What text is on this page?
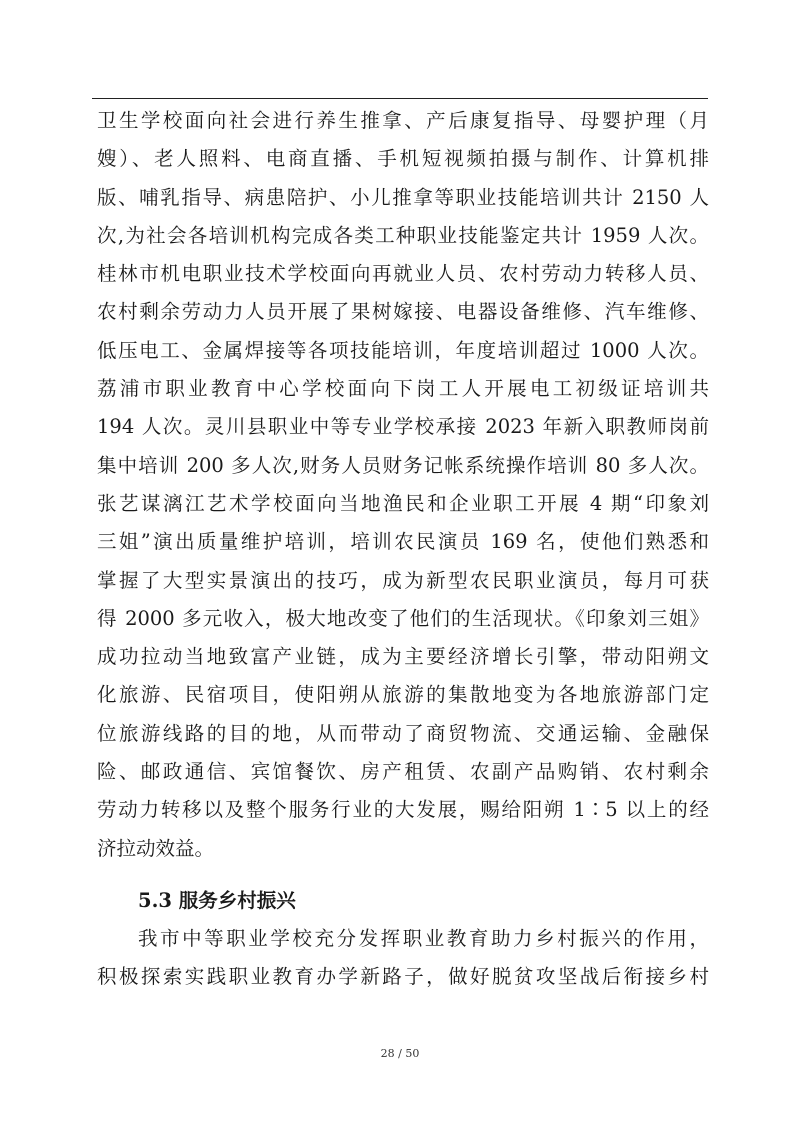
卫生学校面向社会进行养生推拿、产后康复指导、母婴护理（月
嫂）、老人照料、电商直播、手机短视频拍摄与制作、计算机排
版、哺乳指导、病患陪护、小儿推拿等职业技能培训共计 2150 人
次,为社会各培训机构完成各类工种职业技能鉴定共计 1959 人次。
桂林市机电职业技术学校面向再就业人员、农村劳动力转移人员、
农村剩余劳动力人员开展了果树嫁接、电器设备维修、汽车维修、
低压电工、金属焊接等各项技能培训，年度培训超过 1000 人次。
荔浦市职业教育中心学校面向下岗工人开展电工初级证培训共
194 人次。灵川县职业中等专业学校承接 2023 年新入职教师岗前
集中培训 200 多人次,财务人员财务记帐系统操作培训 80 多人次。
张艺谋漓江艺术学校面向当地渔民和企业职工开展 4 期“印象刘
三姐”演出质量维护培训，培训农民演员 169 名，使他们熟悉和
掌握了大型实景演出的技巧，成为新型农民职业演员，每月可获
得 2000 多元收入，极大地改变了他们的生活现状。《印象刘三姐》
成功拉动当地致富产业链，成为主要经济增长引擎，带动阳朔文
化旅游、民宿项目，使阳朔从旅游的集散地变为各地旅游部门定
位旅游线路的目的地，从而带动了商贸物流、交通运输、金融保
险、邮政通信、宾馆餐饮、房产租赁、农副产品购销、农村剩余
劳动力转移以及整个服务行业的大发展，赐给阳朔 1∶5 以上的经
济拉动效益。
5.3 服务乡村振兴
我市中等职业学校充分发挥职业教育助力乡村振兴的作用，
积极探索实践职业教育办学新路子，做好脱贫攻坚战后衔接乡村
28 / 50
